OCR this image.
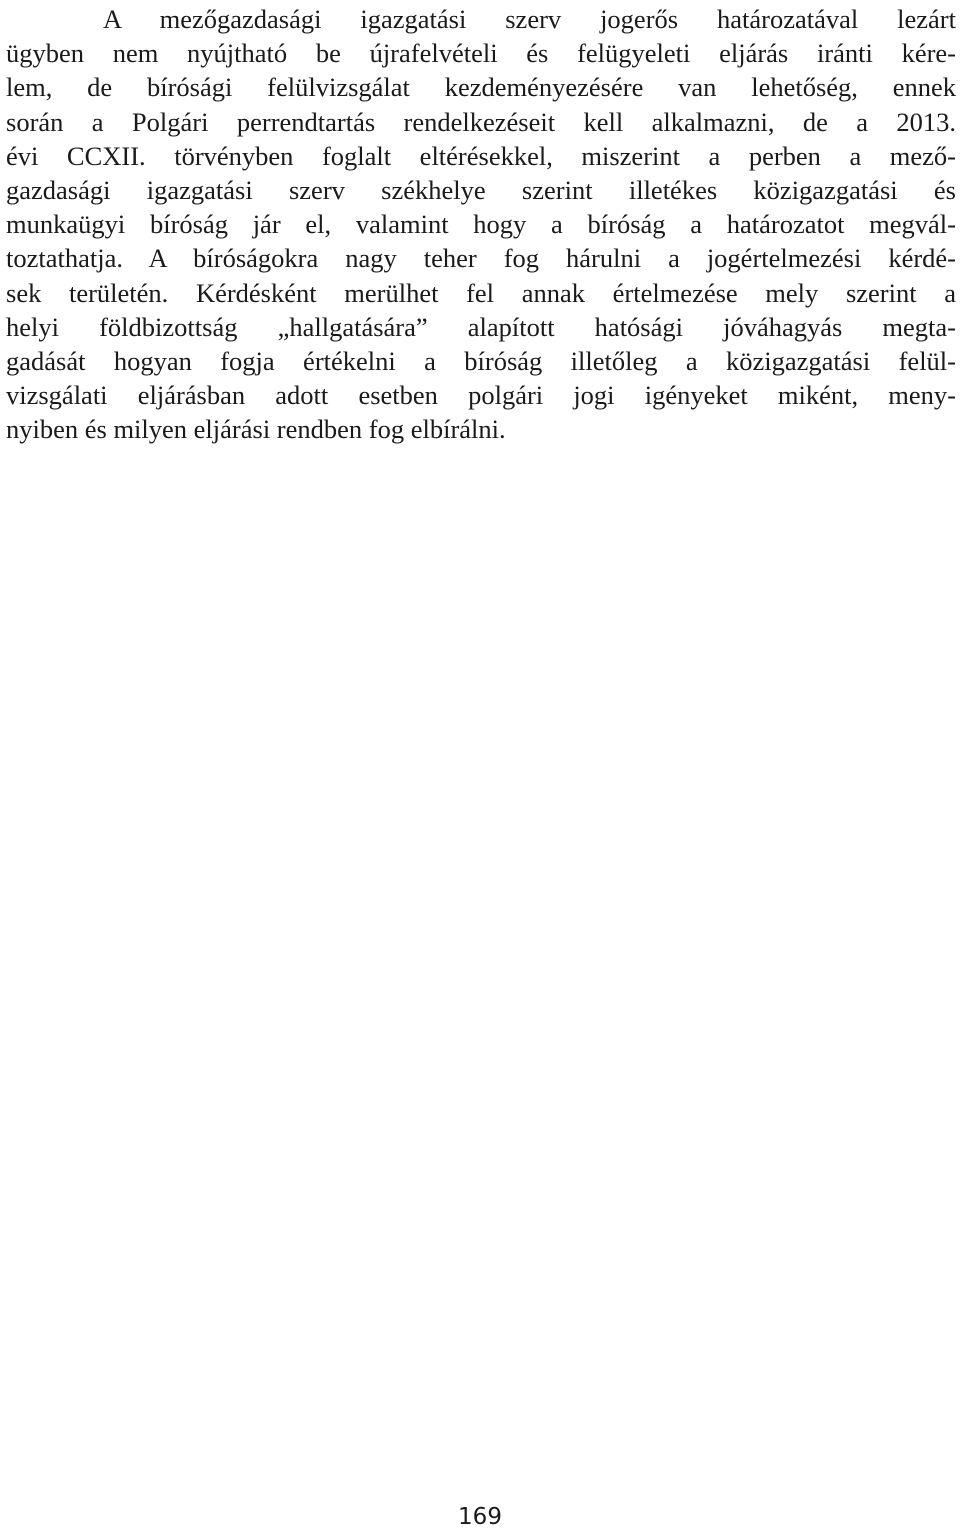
A mezőgazdasági igazgatási szerv jogerős határozatával lezárt
ügyben nem nyújtható be újrafelvételi és felügyeleti eljárás iránti kére-
lem, de bírósági felülvizsgálat kezdeményezésére van lehetőség, ennek
során a Polgári perrendtartás rendelkezéseit kell alkalmazni, de a 2013.
évi CCXII. törvényben foglalt eltérésekkel, miszerint a perben a mező-
gazdasági igazgatási szerv székhelye szerint illetékes közigazgatási és
munkaügyi bíróság jár el, valamint hogy a bíróság a határozatot megvál-
toztathatja. A bíróságokra nagy teher fog hárulni a jogértelmezési kérdé-
sek területén. Kérdésként merülhet fel annak értelmezése mely szerint a
helyi földbizottság „hallgatására” alapított hatósági jóváhagyás megta-
gadását hogyan fogja értékelni a bíróság illetőleg a közigazgatási felül-
vizsgálati eljárásban adott esetben polgári jogi igényeket miként, meny-
nyiben és milyen eljárási rendben fog elbírálni.

169
